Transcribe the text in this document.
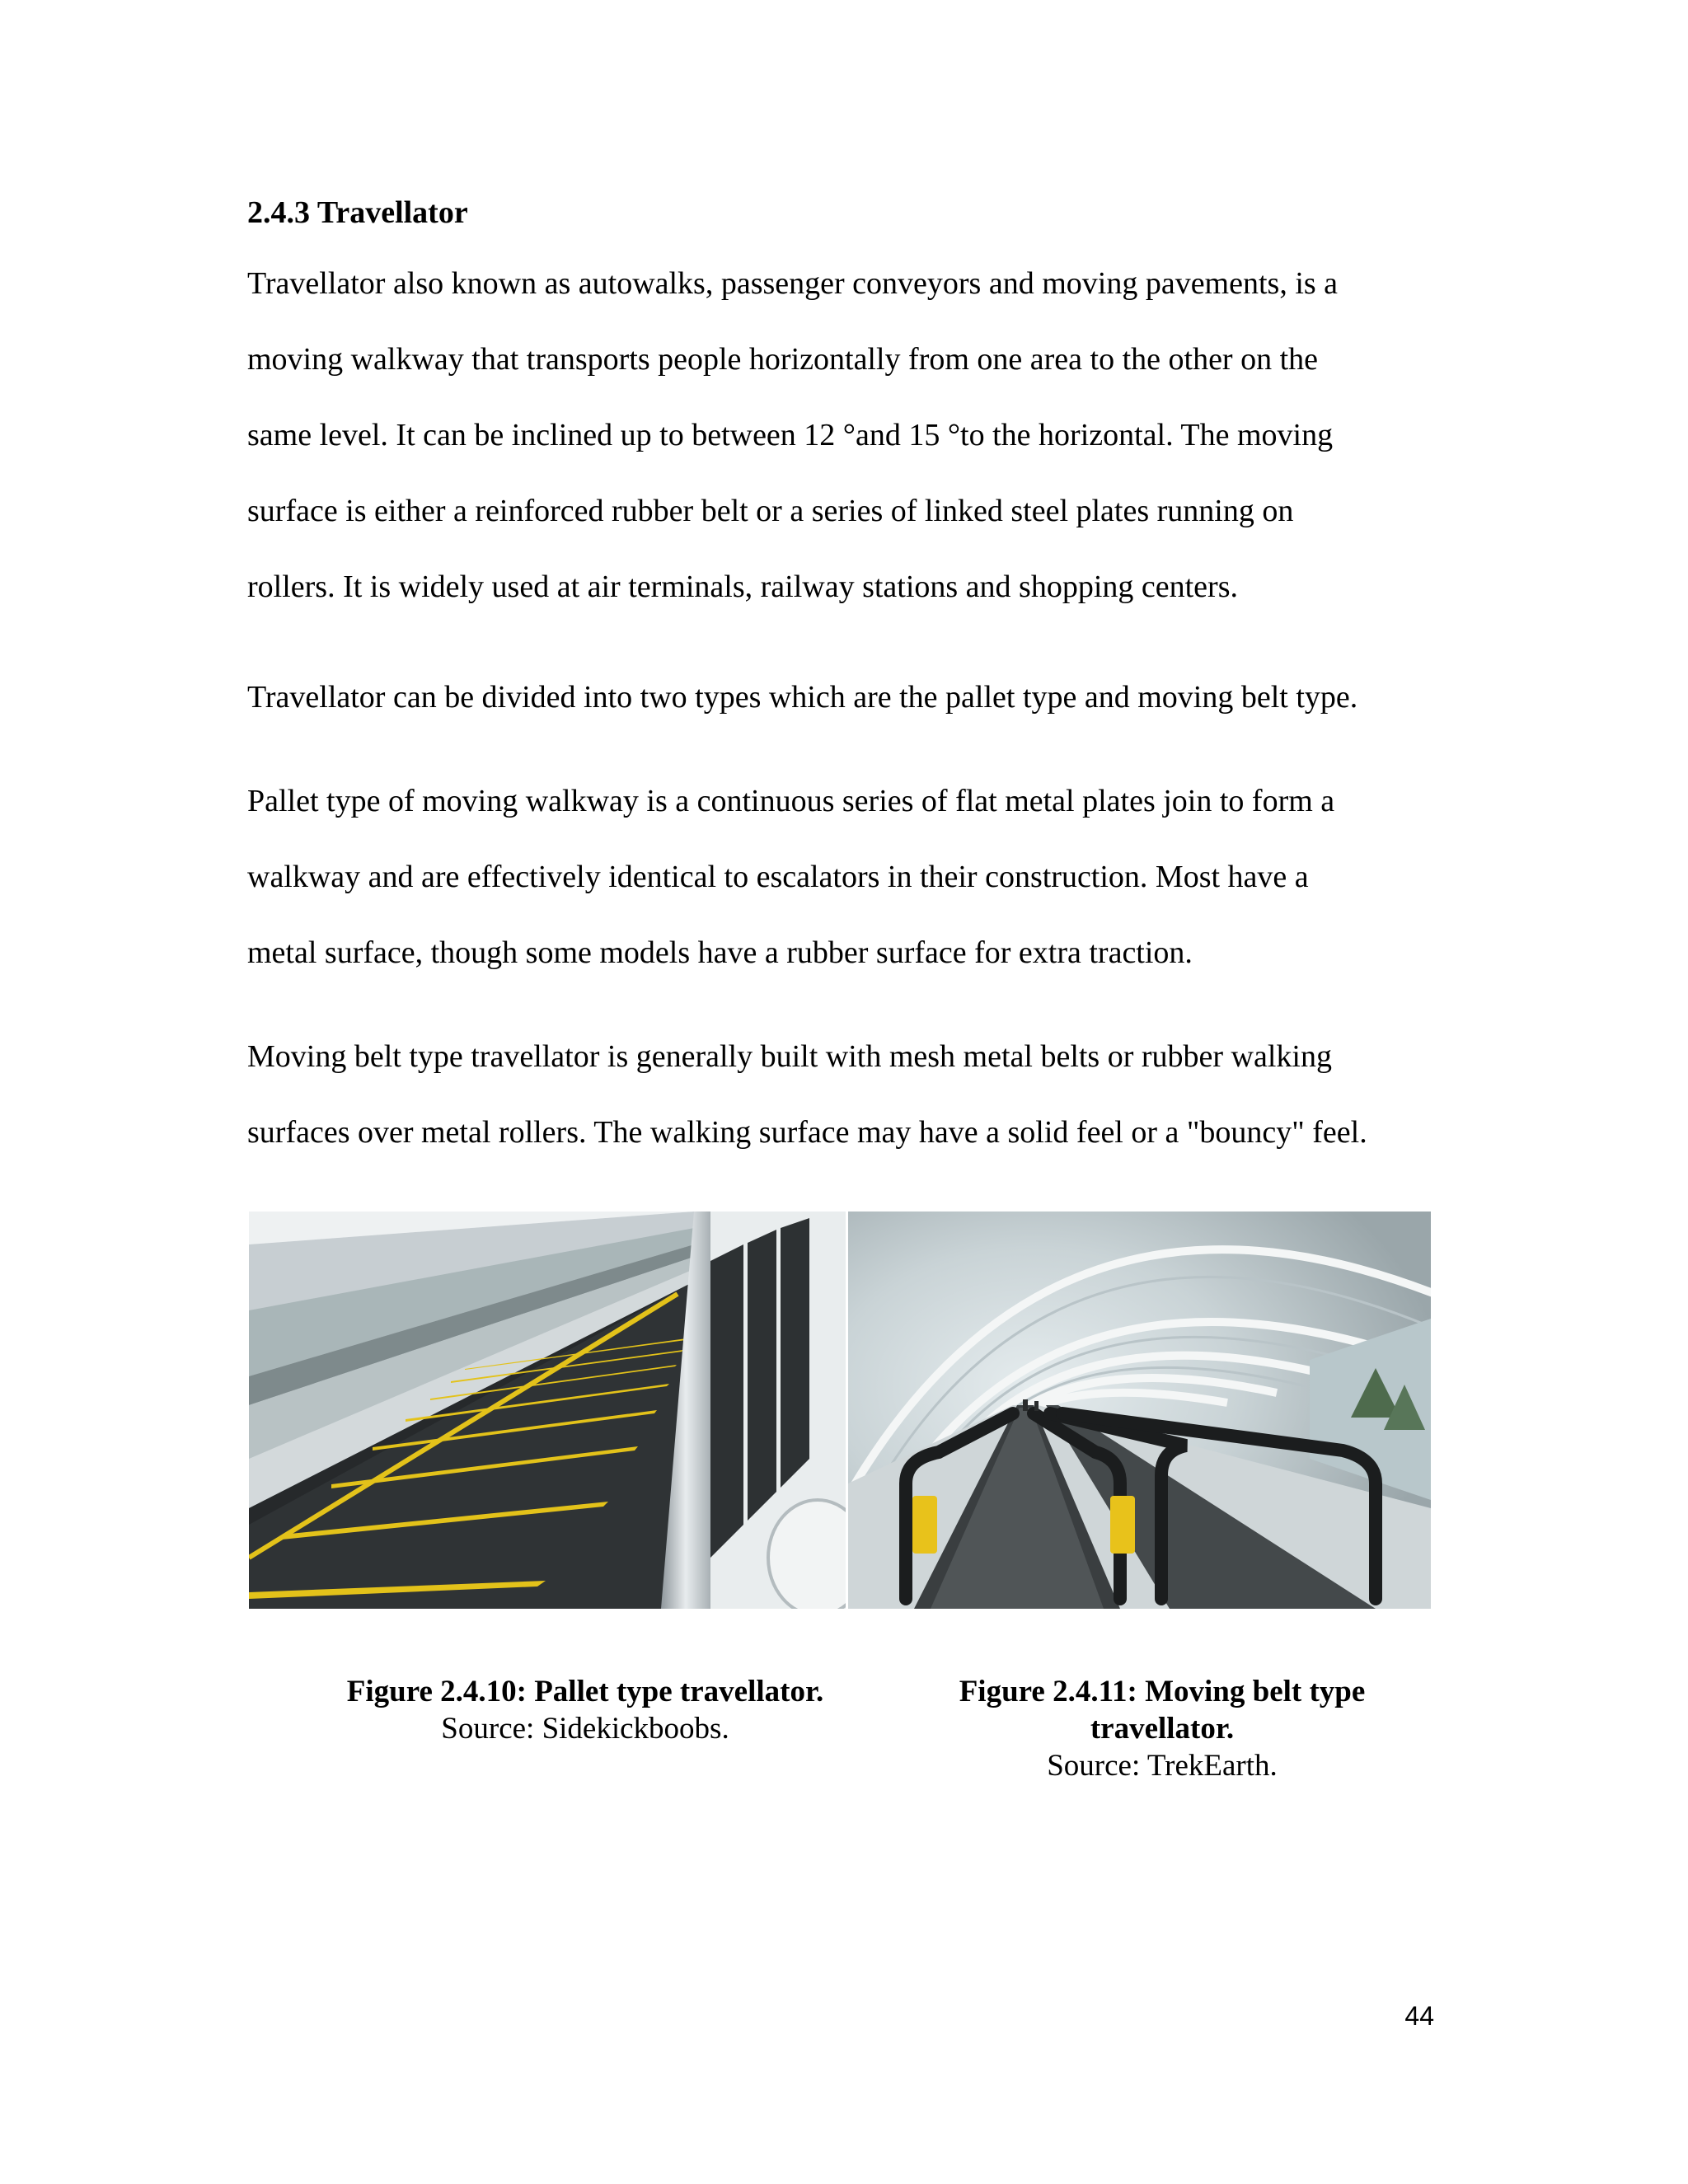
2.4.3 Travellator

Travellator also known as autowalks, passenger conveyors and moving pavements, is a
moving walkway that transports people horizontally from one area to the other on the
same level. It can be inclined up to between 12 °and 15 °to the horizontal. The moving
surface is either a reinforced rubber belt or a series of linked steel plates running on
rollers. It is widely used at air terminals, railway stations and shopping centers.

Travellator can be divided into two types which are the pallet type and moving belt type.

Pallet type of moving walkway is a continuous series of flat metal plates join to form a
walkway and are effectively identical to escalators in their construction. Most have a
metal surface, though some models have a rubber surface for extra traction.

Moving belt type travellator is generally built with mesh metal belts or rubber walking
surfaces over metal rollers. The walking surface may have a solid feel or a "bouncy" feel.

Figure 2.4.10: Pallet type travellator.
Source: Sidekickboobs.
Figure 2.4.11: Moving belt type
travellator.
Source: TrekEarth.
44
